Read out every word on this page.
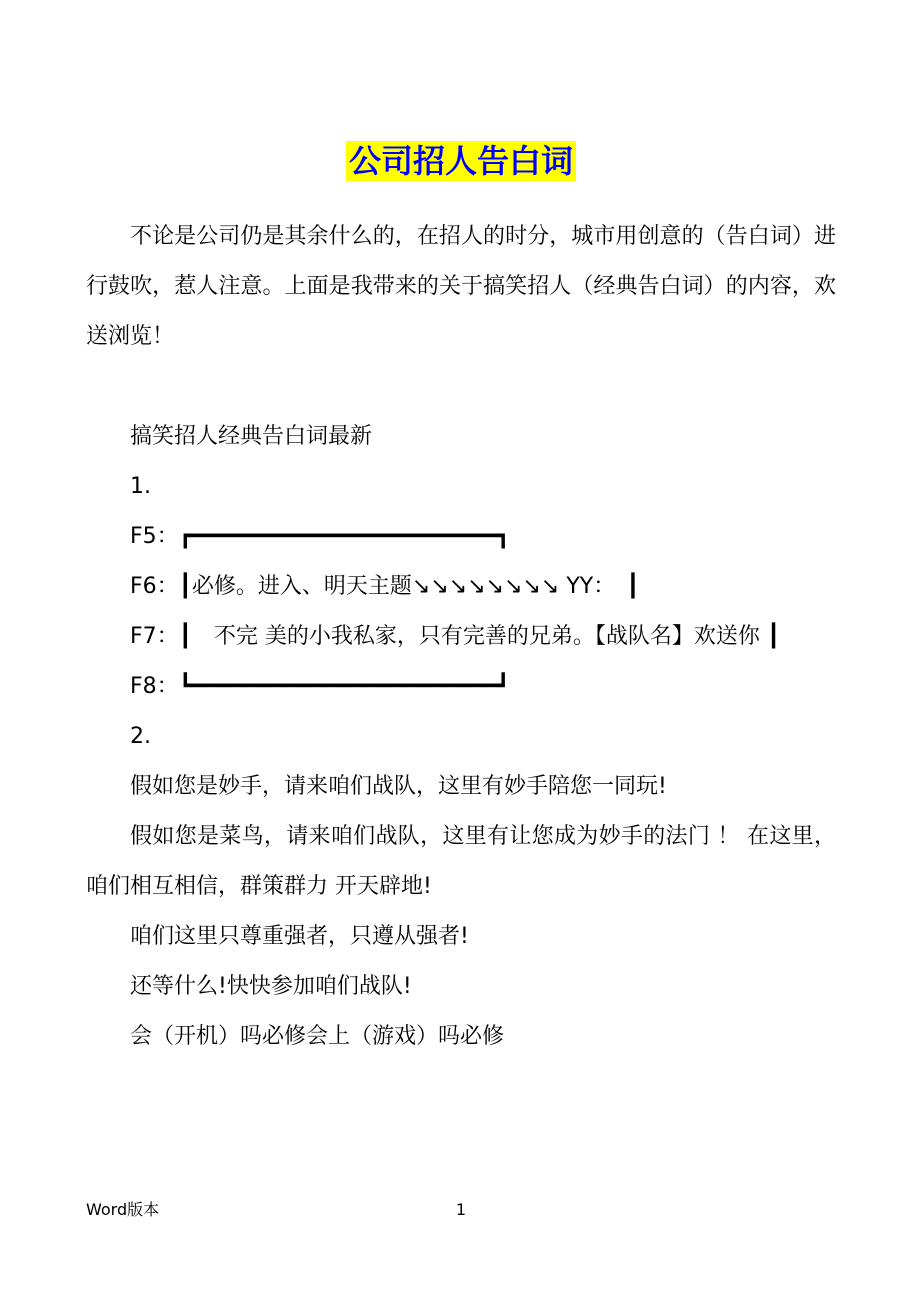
公司招人告白词

不论是公司仍是其余什么的，在招人的时分，城市用创意的（告白词）进行鼓吹，惹人注意。上面是我带来的关于搞笑招人（经典告白词）的内容，欢送浏览！

搞笑招人经典告白词最新

1.

F5：┏━━━━━━━━━━━━━━━━━━━━━━━┓

F6：┃必修。进入、明天主题↘↘↘↘↘↘↘↘ YY：　┃

F7：┃　不完 美的小我私家，只有完善的兄弟。【战队名】欢送你 ┃

F8：┗━━━━━━━━━━━━━━━━━━━━━━━┛

2.

假如您是妙手，请来咱们战队，这里有妙手陪您一同玩!

假如您是菜鸟，请来咱们战队，这里有让您成为妙手的法门 ！ 在这里，咱们相互相信，群策群力 开天辟地!

咱们这里只尊重强者，只遵从强者!

还等什么!快快参加咱们战队!

会（开机）吗必修会上（游戏）吗必修

Word版本	1
